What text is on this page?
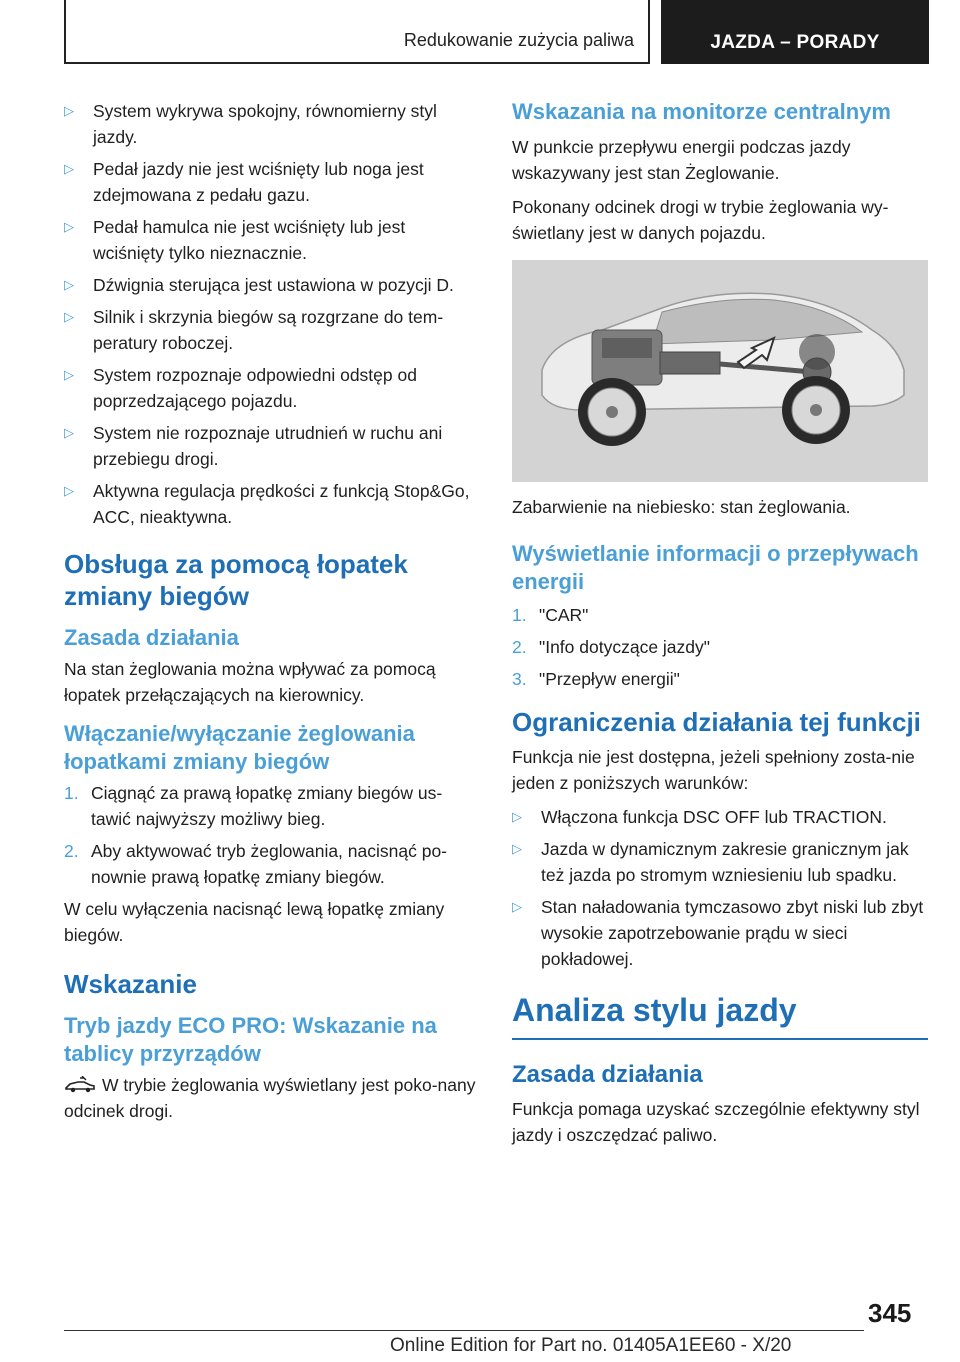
Redukowanie zużycia paliwa	JAZDA – PORADY
▷ System wykrywa spokojny, równomierny styl jazdy.
▷ Pedał jazdy nie jest wciśnięty lub noga jest zdejmowana z pedału gazu.
▷ Pedał hamulca nie jest wciśnięty lub jest wciśnięty tylko nieznacznie.
▷ Dźwignia sterująca jest ustawiona w pozycji D.
▷ Silnik i skrzynia biegów są rozgrzane do tem-peratury roboczej.
▷ System rozpoznaje odpowiedni odstęp od poprzedzającego pojazdu.
▷ System nie rozpoznaje utrudnień w ruchu ani przebiegu drogi.
▷ Aktywna regulacja prędkości z funkcją Stop&Go, ACC, nieaktywna.
Obsługa za pomocą łopatek zmiany biegów
Zasada działania

Na stan żeglowania można wpływać za pomocą łopatek przełączających na kierownicy.

Włączanie/wyłączanie żeglowania łopatkami zmiany biegów
1. Ciągnąć za prawą łopatkę zmiany biegów us-tawić najwyższy możliwy bieg.
2. Aby aktywować tryb żeglowania, nacisnąć po-nownie prawą łopatkę zmiany biegów.

W celu wyłączenia nacisnąć lewą łopatkę zmiany biegów.

Wskazanie
Tryb jazdy ECO PRO: Wskazanie na tablicy przyrządów

W trybie żeglowania wyświetlany jest poko-nany odcinek drogi.

Wskazania na monitorze centralnym

W punkcie przepływu energii podczas jazdy wskazywany jest stan Żeglowanie.

Pokonany odcinek drogi w trybie żeglowania wy-świetlany jest w danych pojazdu.

Zabarwienie na niebiesko: stan żeglowania.

Wyświetlanie informacji o przepływach energii
1. "CAR"
2. "Info dotyczące jazdy"
3. "Przepływ energii"
Ograniczenia działania tej funkcji

Funkcja nie jest dostępna, jeżeli spełniony zosta-nie jeden z poniższych warunków:

▷ Włączona funkcja DSC OFF lub TRACTION.
▷ Jazda w dynamicznym zakresie granicznym jak też jazda po stromym wzniesieniu lub spadku.
▷ Stan naładowania tymczasowo zbyt niski lub zbyt wysokie zapotrzebowanie prądu w sieci pokładowej.
Analiza stylu jazdy
Zasada działania

Funkcja pomaga uzyskać szczególnie efektywny styl jazdy i oszczędzać paliwo.

345
Online Edition for Part no. 01405A1EE60 - X/20
